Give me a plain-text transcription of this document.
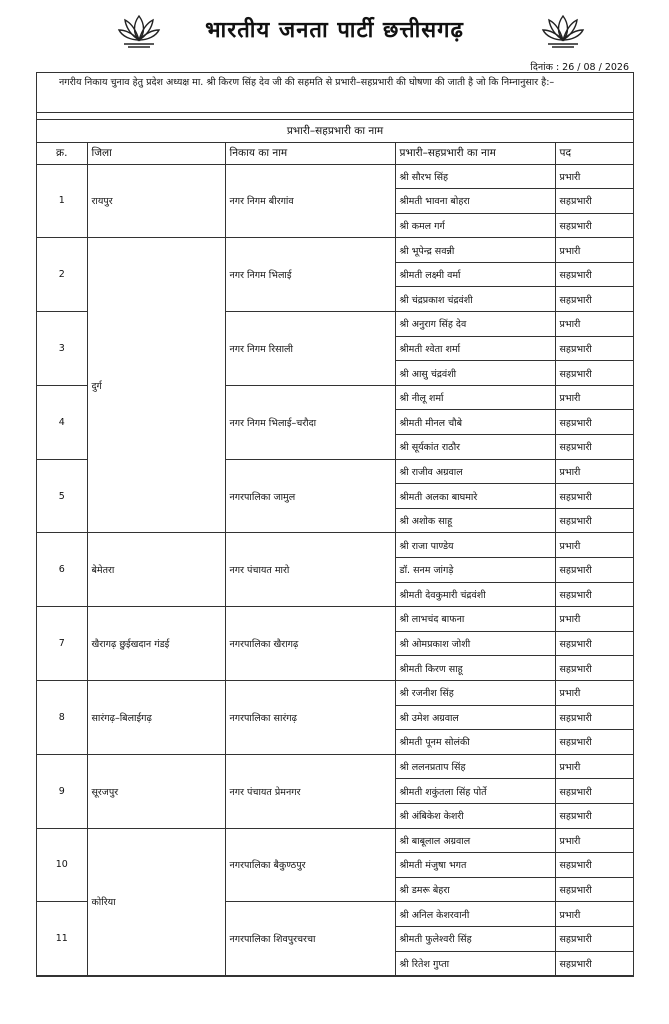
भारतीय जनता पार्टी छत्तीसगढ़
दिनांक : 26 / 08 / 2026
नगरीय निकाय चुनाव हेतु प्रदेश अध्यक्ष मा. श्री किरण सिंह देव जी की सहमति से प्रभारी–सहप्रभारी की घोषणा की जाती है जो कि निम्नानुसार है:–
प्रभारी–सहप्रभारी का नाम				
क्र.	जिला	निकाय का नाम	प्रभारी–सहप्रभारी का नाम	पद
1	रायपुर	नगर निगम बीरगांव	श्री सौरभ सिंह	प्रभारी
			श्रीमती भावना बोहरा	सहप्रभारी
			श्री कमल गर्ग	सहप्रभारी
2	दुर्ग	नगर निगम भिलाई	श्री भूपेन्द्र सवन्नी	प्रभारी
			श्रीमती लक्ष्मी वर्मा	सहप्रभारी
			श्री चंद्रप्रकाश चंद्रवंशी	सहप्रभारी
3		नगर निगम रिसाली	श्री अनुराग सिंह देव	प्रभारी
			श्रीमती श्वेता शर्मा	सहप्रभारी
			श्री आसु चंद्रवंशी	सहप्रभारी
4		नगर निगम भिलाई–चरौदा	श्री नीलू शर्मा	प्रभारी
			श्रीमती मीनल चौबे	सहप्रभारी
			श्री सूर्यकांत राठौर	सहप्रभारी
5		नगरपालिका जामुल	श्री राजीव अग्रवाल	प्रभारी
			श्रीमती अलका बाघमारे	सहप्रभारी
			श्री अशोक साहू	सहप्रभारी
6	बेमेतरा	नगर पंचायत मारो	श्री राजा पाण्डेय	प्रभारी
			डॉ. सनम जांगड़े	सहप्रभारी
			श्रीमती देवकुमारी चंद्रवंशी	सहप्रभारी
7	खैरागढ़ छुईखदान गंडई	नगरपालिका खैरागढ़	श्री लाभचंद बाफना	प्रभारी
			श्री ओमप्रकाश जोशी	सहप्रभारी
			श्रीमती किरण साहू	सहप्रभारी
8	सारंगढ़–बिलाईगढ़	नगरपालिका सारंगढ़	श्री रजनीश सिंह	प्रभारी
			श्री उमेश अग्रवाल	सहप्रभारी
			श्रीमती पूनम सोलंकी	सहप्रभारी
9	सूरजपुर	नगर पंचायत प्रेमनगर	श्री ललनप्रताप सिंह	प्रभारी
			श्रीमती शकुंतला सिंह पोर्ते	सहप्रभारी
			श्री अंबिकेश केशरी	सहप्रभारी
10	कोरिया	नगरपालिका बैकुण्ठपुर	श्री बाबूलाल अग्रवाल	प्रभारी
			श्रीमती मंजुषा भगत	सहप्रभारी
			श्री डमरू बेहरा	सहप्रभारी
11		नगरपालिका शिवपुरचरचा	श्री अनिल केशरवानी	प्रभारी
			श्रीमती फुलेश्वरी सिंह	सहप्रभारी
			श्री रितेश गुप्ता	सहप्रभारी
